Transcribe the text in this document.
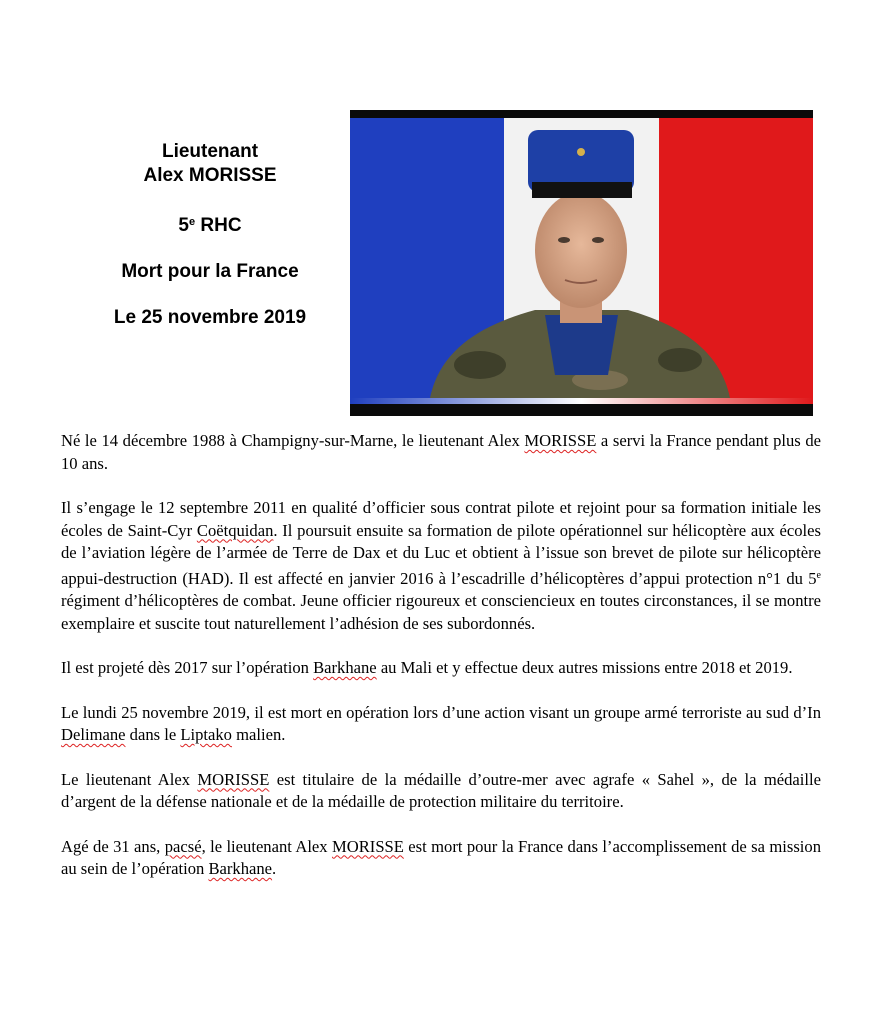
Lieutenant
Alex MORISSE
5e RHC
Mort pour la France
Le 25 novembre 2019

Né le 14 décembre 1988 à Champigny-sur-Marne, le lieutenant Alex MORISSE a servi la France pendant plus de 10 ans.

Il s’engage le 12 septembre 2011 en qualité d’officier sous contrat pilote et rejoint pour sa formation initiale les écoles de Saint-Cyr Coëtquidan. Il poursuit ensuite sa formation de pilote opérationnel sur hélicoptère aux écoles de l’aviation légère de l’armée de Terre de Dax et du Luc et obtient à l’issue son brevet de pilote sur hélicoptère appui-destruction (HAD). Il est affecté en janvier 2016 à l’escadrille d’hélicoptères d’appui protection n°1 du 5e régiment d’hélicoptères de combat. Jeune officier rigoureux et consciencieux en toutes circonstances, il se montre exemplaire et suscite tout naturellement l’adhésion de ses subordonnés.

Il est projeté dès 2017 sur l’opération Barkhane au Mali et y effectue deux autres missions entre 2018 et 2019.

Le lundi 25 novembre 2019, il est mort en opération lors d’une action visant un groupe armé terroriste au sud d’In Delimane dans le Liptako malien.

Le lieutenant Alex MORISSE est titulaire de la médaille d’outre-mer avec agrafe « Sahel », de la médaille d’argent de la défense nationale et de la médaille de protection militaire du territoire.

Agé de 31 ans, pacsé, le lieutenant Alex MORISSE est mort pour la France dans l’accomplissement de sa mission au sein de l’opération Barkhane.
